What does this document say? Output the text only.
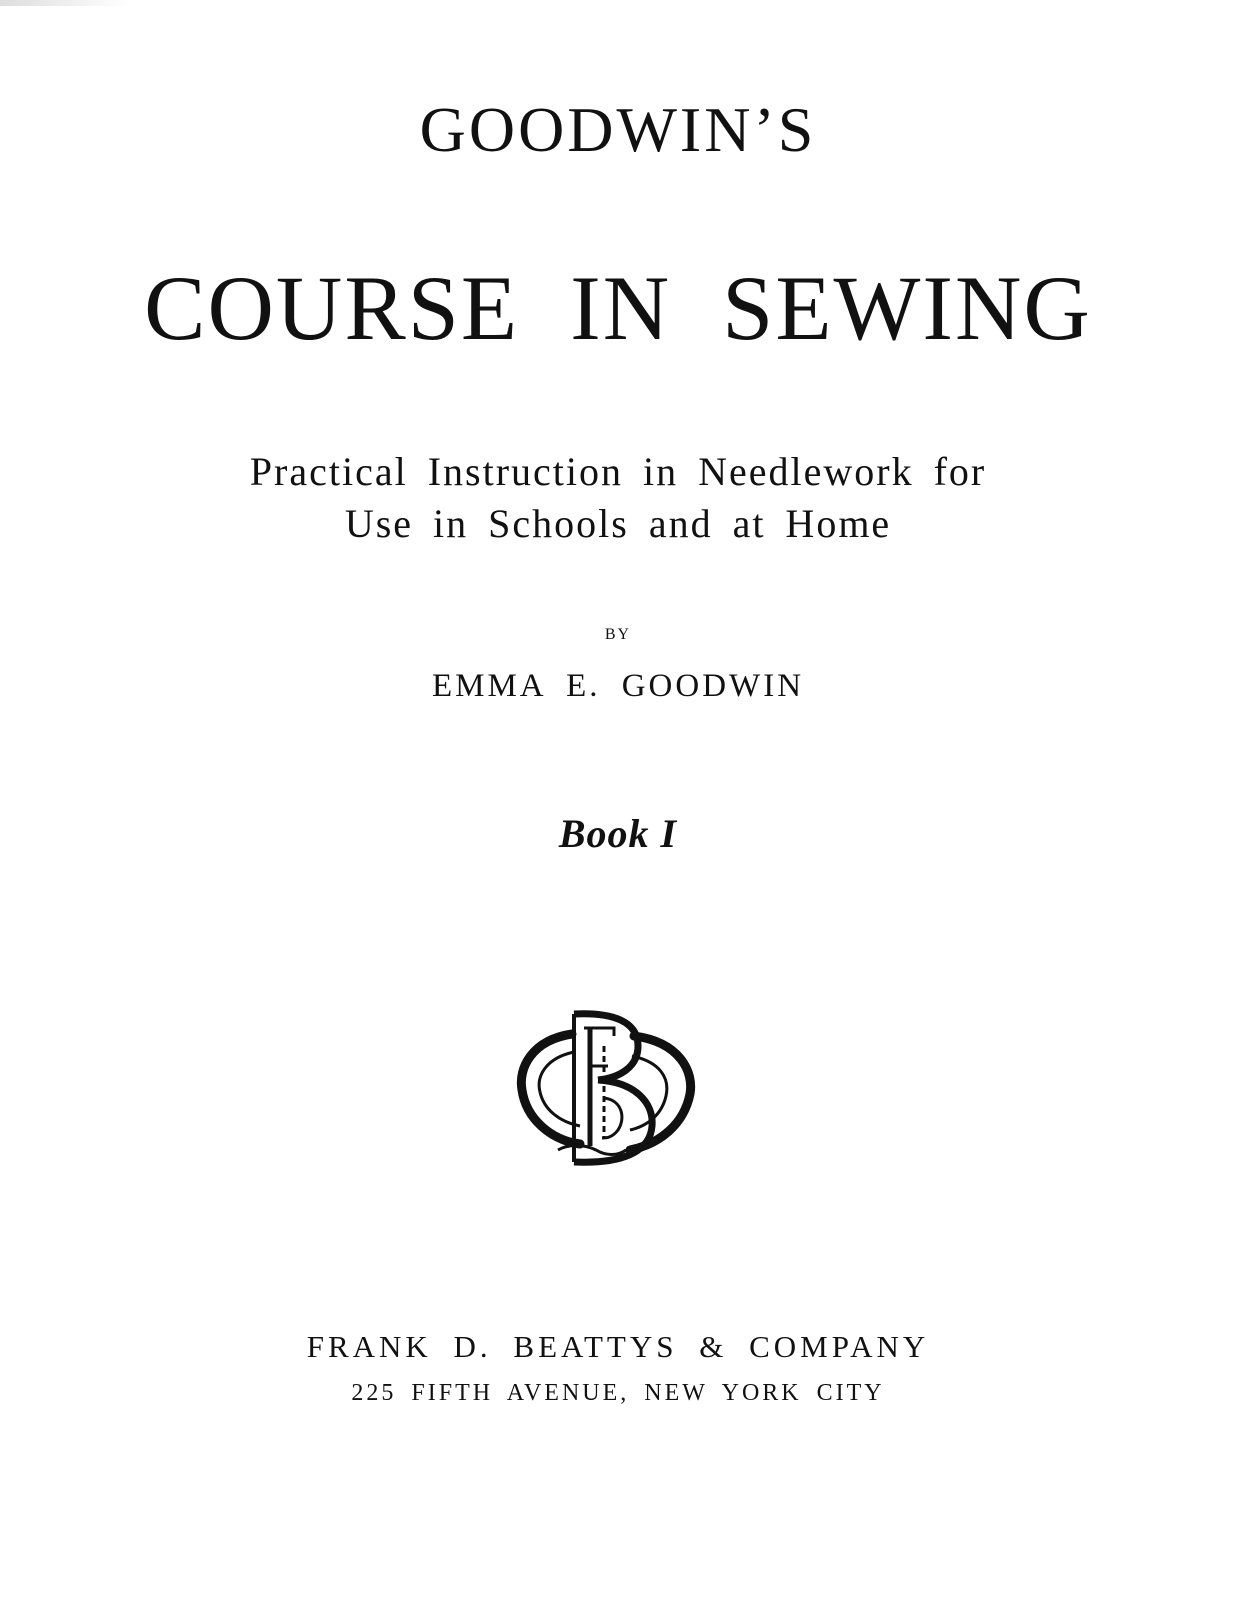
GOODWIN’S
COURSE IN SEWING
Practical Instruction in Needlework for
Use in Schools and at Home
BY
EMMA E. GOODWIN
Book I
FRANK D. BEATTYS & COMPANY
225 FIFTH AVENUE, NEW YORK CITY
